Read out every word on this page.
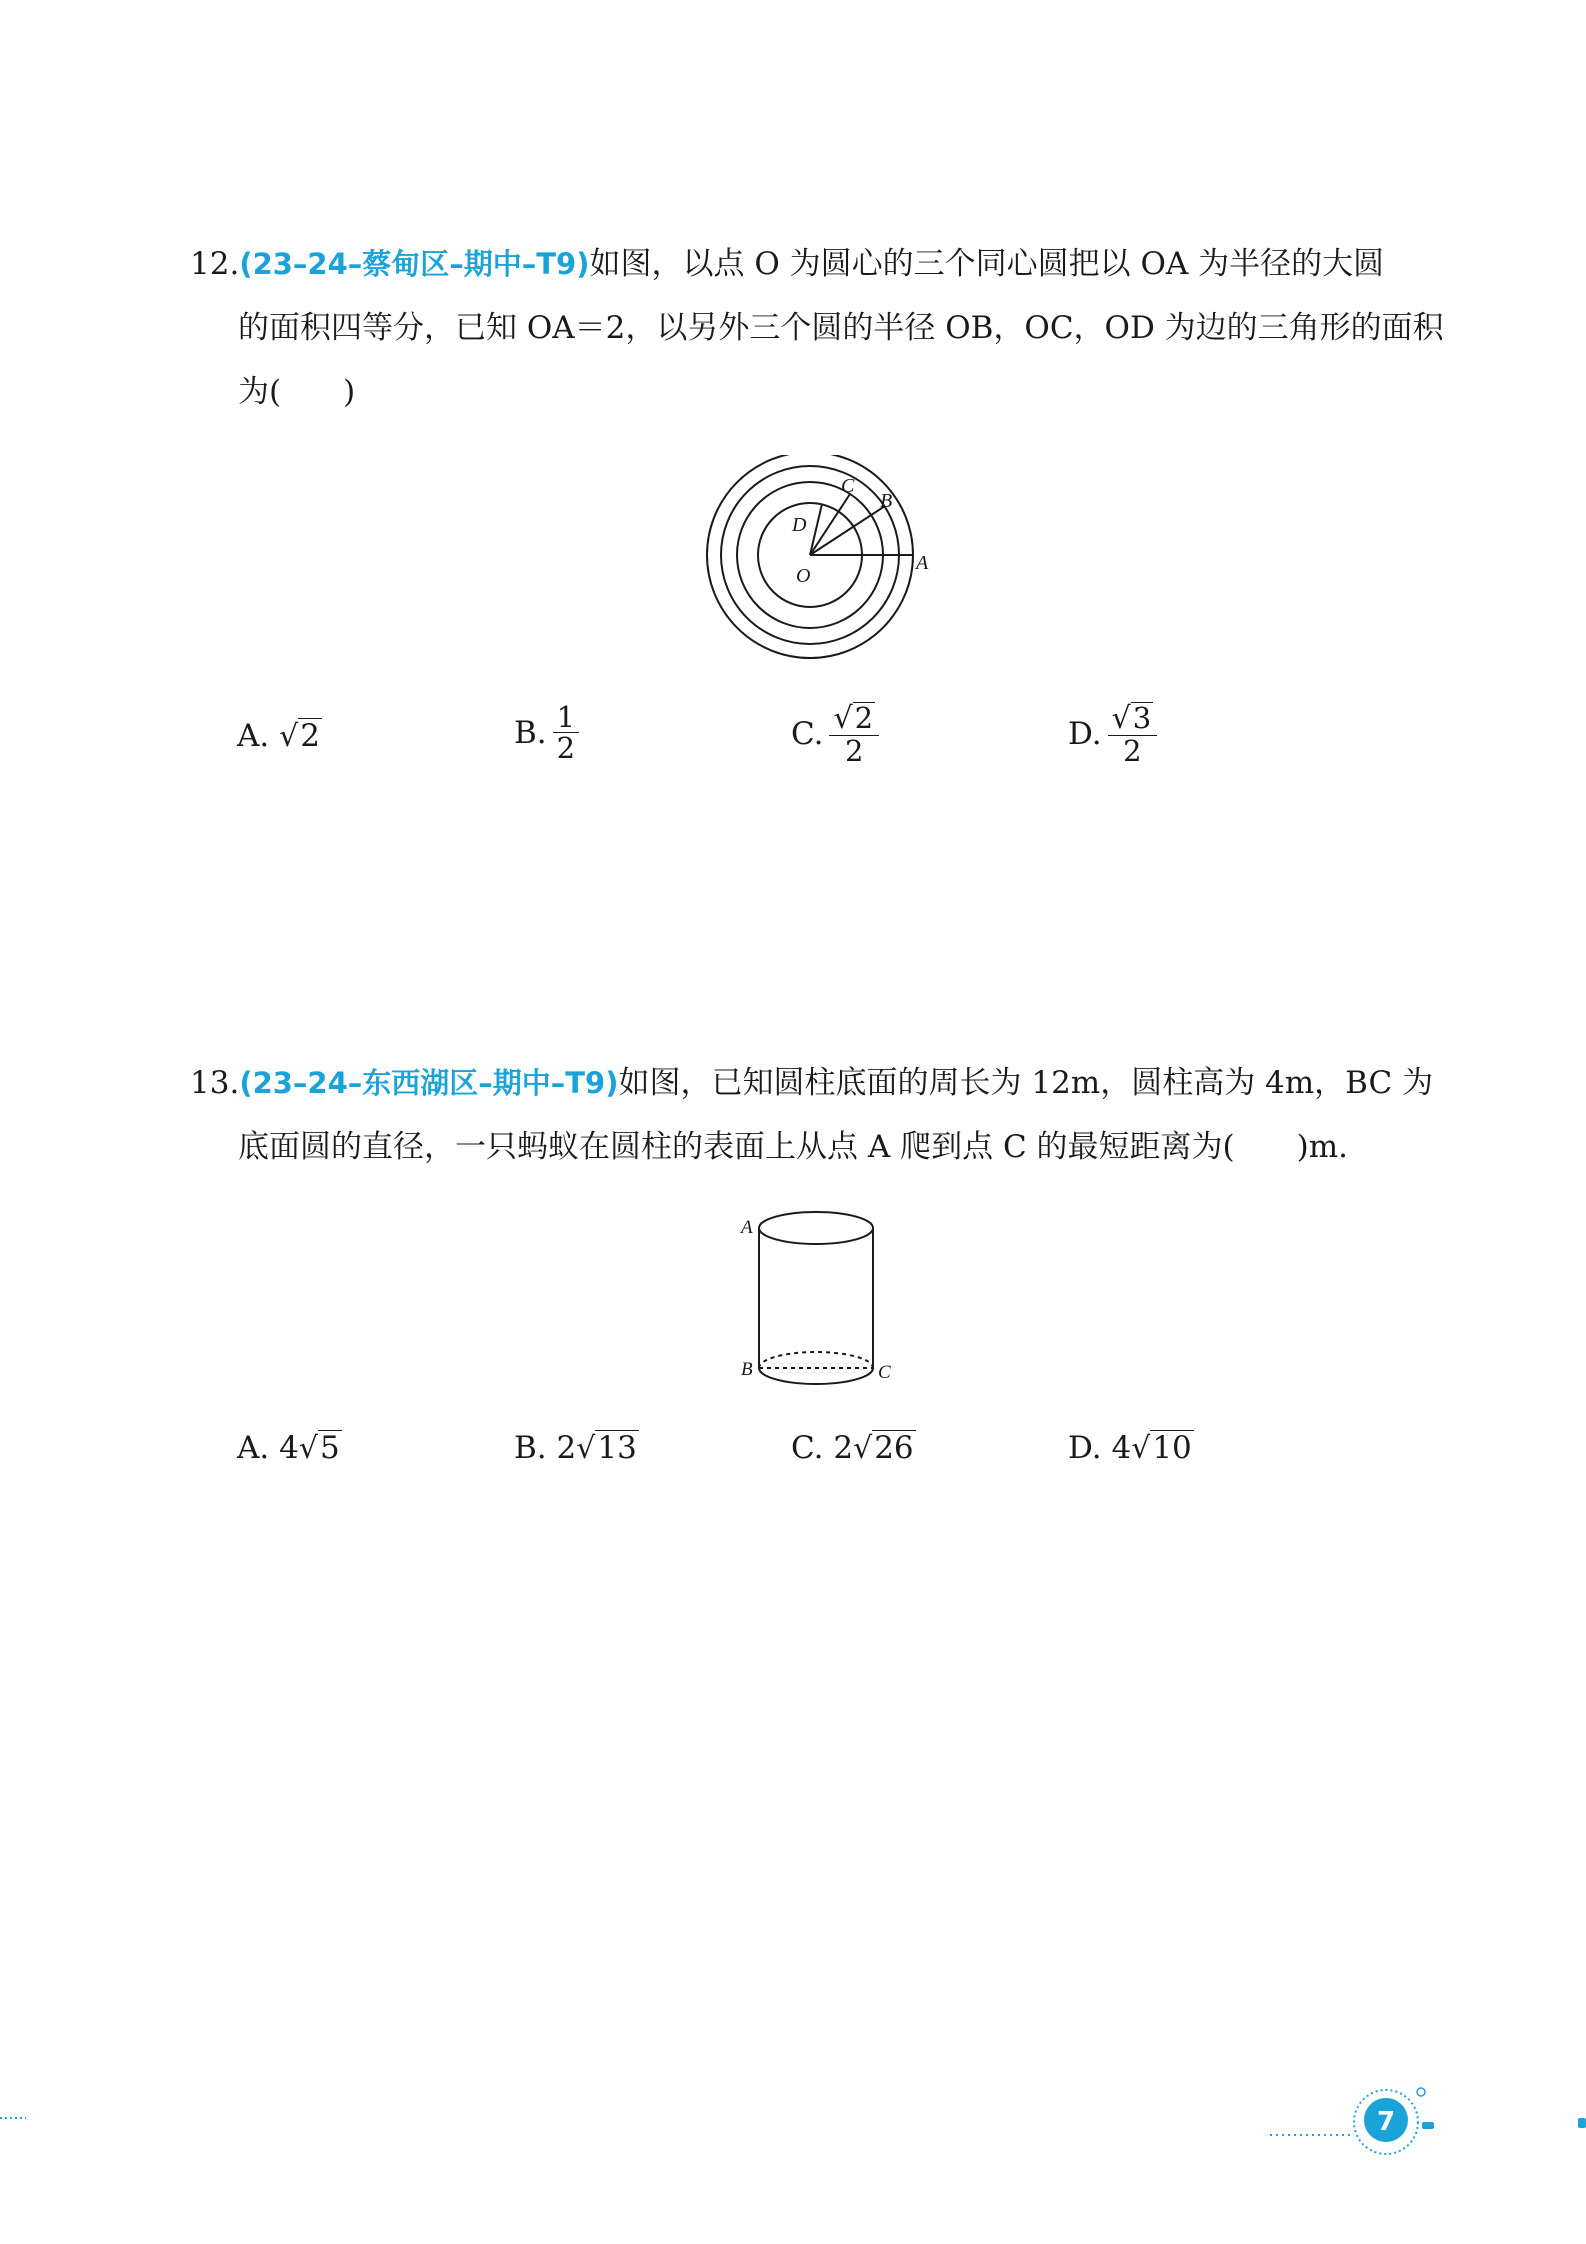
12.(23–24–蔡甸区–期中–T9)如图，以点 O 为圆心的三个同心圆把以 OA 为半径的大圆
的面积四等分，已知 OA＝2，以另外三个圆的半径 OB，OC，OD 为边的三角形的面积
为(　　)
O
A
B
C
D
A.
√ 2	B. $\frac{1}{2}$	C. $\frac{√ 2}{2}$	D. $\frac{√ 3}{2}$
13.(23–24–东西湖区–期中–T9)如图，已知圆柱底面的周长为 12m，圆柱高为 4m，BC 为
底面圆的直径，一只蚂蚁在圆柱的表面上从点 A 爬到点 C 的最短距离为(　　)m.
A
B	C
A.
4 √ 5	B.
2 √ 13	C.
2 √ 26	D.
4 √ 10
7
